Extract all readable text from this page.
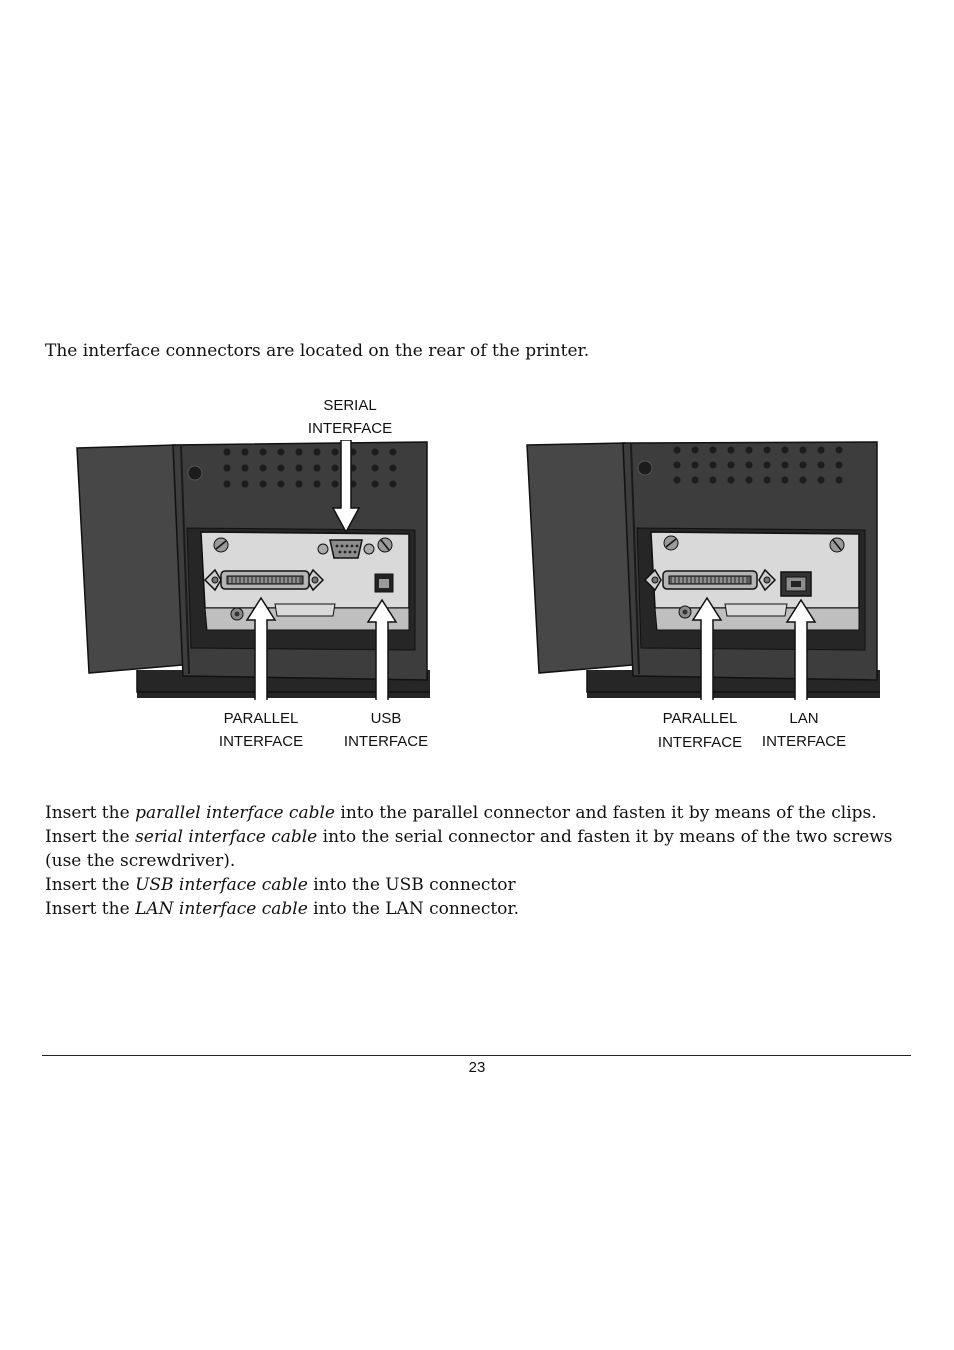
The interface connectors are located on the rear of the printer.
SERIAL
INTERFACE
PARALLEL
INTERFACE
USB
INTERFACE
PARALLEL
INTERFACE
LAN
INTERFACE

Insert the parallel interface cable into the parallel connector and fasten it by means of the clips.

Insert the serial interface cable into the serial connector and fasten it by means of the two screws (use the screwdriver).

Insert the USB interface cable into the USB connector

Insert the LAN interface cable into the LAN connector.

23
